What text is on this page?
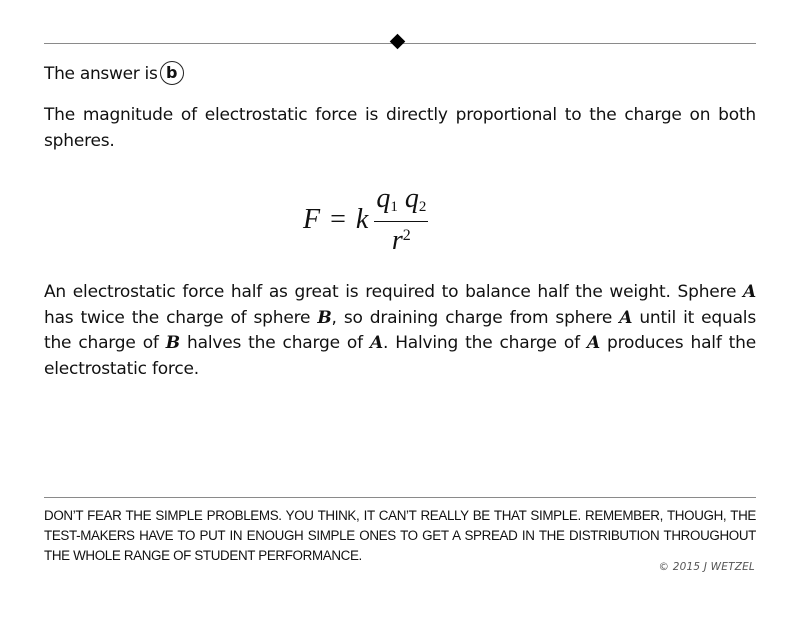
The answer is b
The magnitude of electrostatic force is directly proportional to the charge on both spheres.
F = k $\frac{q_1 q_2}{r^2}$
An electrostatic force half as great is required to balance half the weight. Sphere A has twice the charge of sphere B, so draining charge from sphere A until it equals the charge of B halves the charge of A. Halving the charge of A produces half the electrostatic force.
DON’T FEAR THE SIMPLE PROBLEMS. YOU THINK, IT CAN’T REALLY BE THAT SIMPLE. REMEMBER, THOUGH, THE TEST-MAKERS HAVE TO PUT IN ENOUGH SIMPLE ONES TO GET A SPREAD IN THE DISTRIBUTION THROUGHOUT THE WHOLE RANGE OF STUDENT PERFORMANCE.
© 2015 J WETZEL
